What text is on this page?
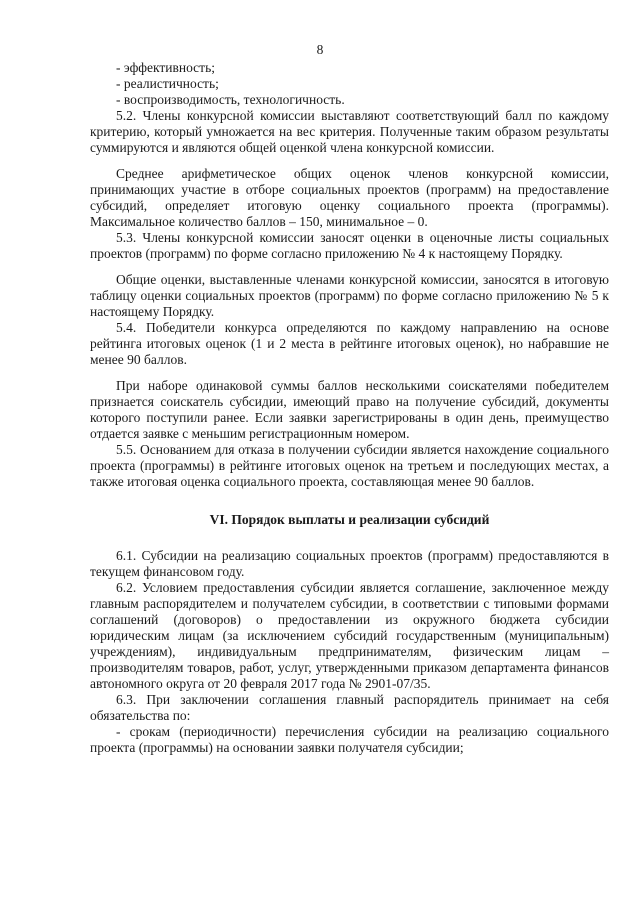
8

- эффективность;

- реалистичность;

- воспроизводимость, технологичность.

5.2. Члены конкурсной комиссии выставляют соответствующий балл по каждому критерию, который умножается на вес критерия. Полученные таким образом результаты суммируются и являются общей оценкой члена конкурсной комиссии.

Среднее арифметическое общих оценок членов конкурсной комиссии, принимающих участие в отборе социальных проектов (программ) на предоставление субсидий, определяет итоговую оценку социального проекта (программы). Максимальное количество баллов – 150, минимальное – 0.

5.3. Члены конкурсной комиссии заносят оценки в оценочные листы социальных проектов (программ) по форме согласно приложению № 4 к настоящему Порядку.

Общие оценки, выставленные членами конкурсной комиссии, заносятся в итоговую таблицу оценки социальных проектов (программ) по форме согласно приложению № 5 к настоящему Порядку.

5.4. Победители конкурса определяются по каждому направлению на основе рейтинга итоговых оценок (1 и 2 места в рейтинге итоговых оценок), но набравшие не менее 90 баллов.

При наборе одинаковой суммы баллов несколькими соискателями победителем признается соискатель субсидии, имеющий право на получение субсидий, документы которого поступили ранее. Если заявки зарегистрированы в один день, преимущество отдается заявке с меньшим регистрационным номером.

5.5. Основанием для отказа в получении субсидии является нахождение социального проекта (программы) в рейтинге итоговых оценок на третьем и последующих местах, а также итоговая оценка социального проекта, составляющая менее 90 баллов.

VI. Порядок выплаты и реализации субсидий

6.1. Субсидии на реализацию социальных проектов (программ) предоставляются в текущем финансовом году.

6.2. Условием предоставления субсидии является соглашение, заключенное между главным распорядителем и получателем субсидии, в соответствии с типовыми формами соглашений (договоров) о предоставлении из окружного бюджета субсидии юридическим лицам (за исключением субсидий государственным (муниципальным) учреждениям), индивидуальным предпринимателям, физическим лицам – производителям товаров, работ, услуг, утвержденными приказом департамента финансов автономного округа от 20 февраля 2017 года № 2901-07/35.

6.3. При заключении соглашения главный распорядитель принимает на себя обязательства по:

- срокам (периодичности) перечисления субсидии на реализацию социального проекта (программы) на основании заявки получателя субсидии;
